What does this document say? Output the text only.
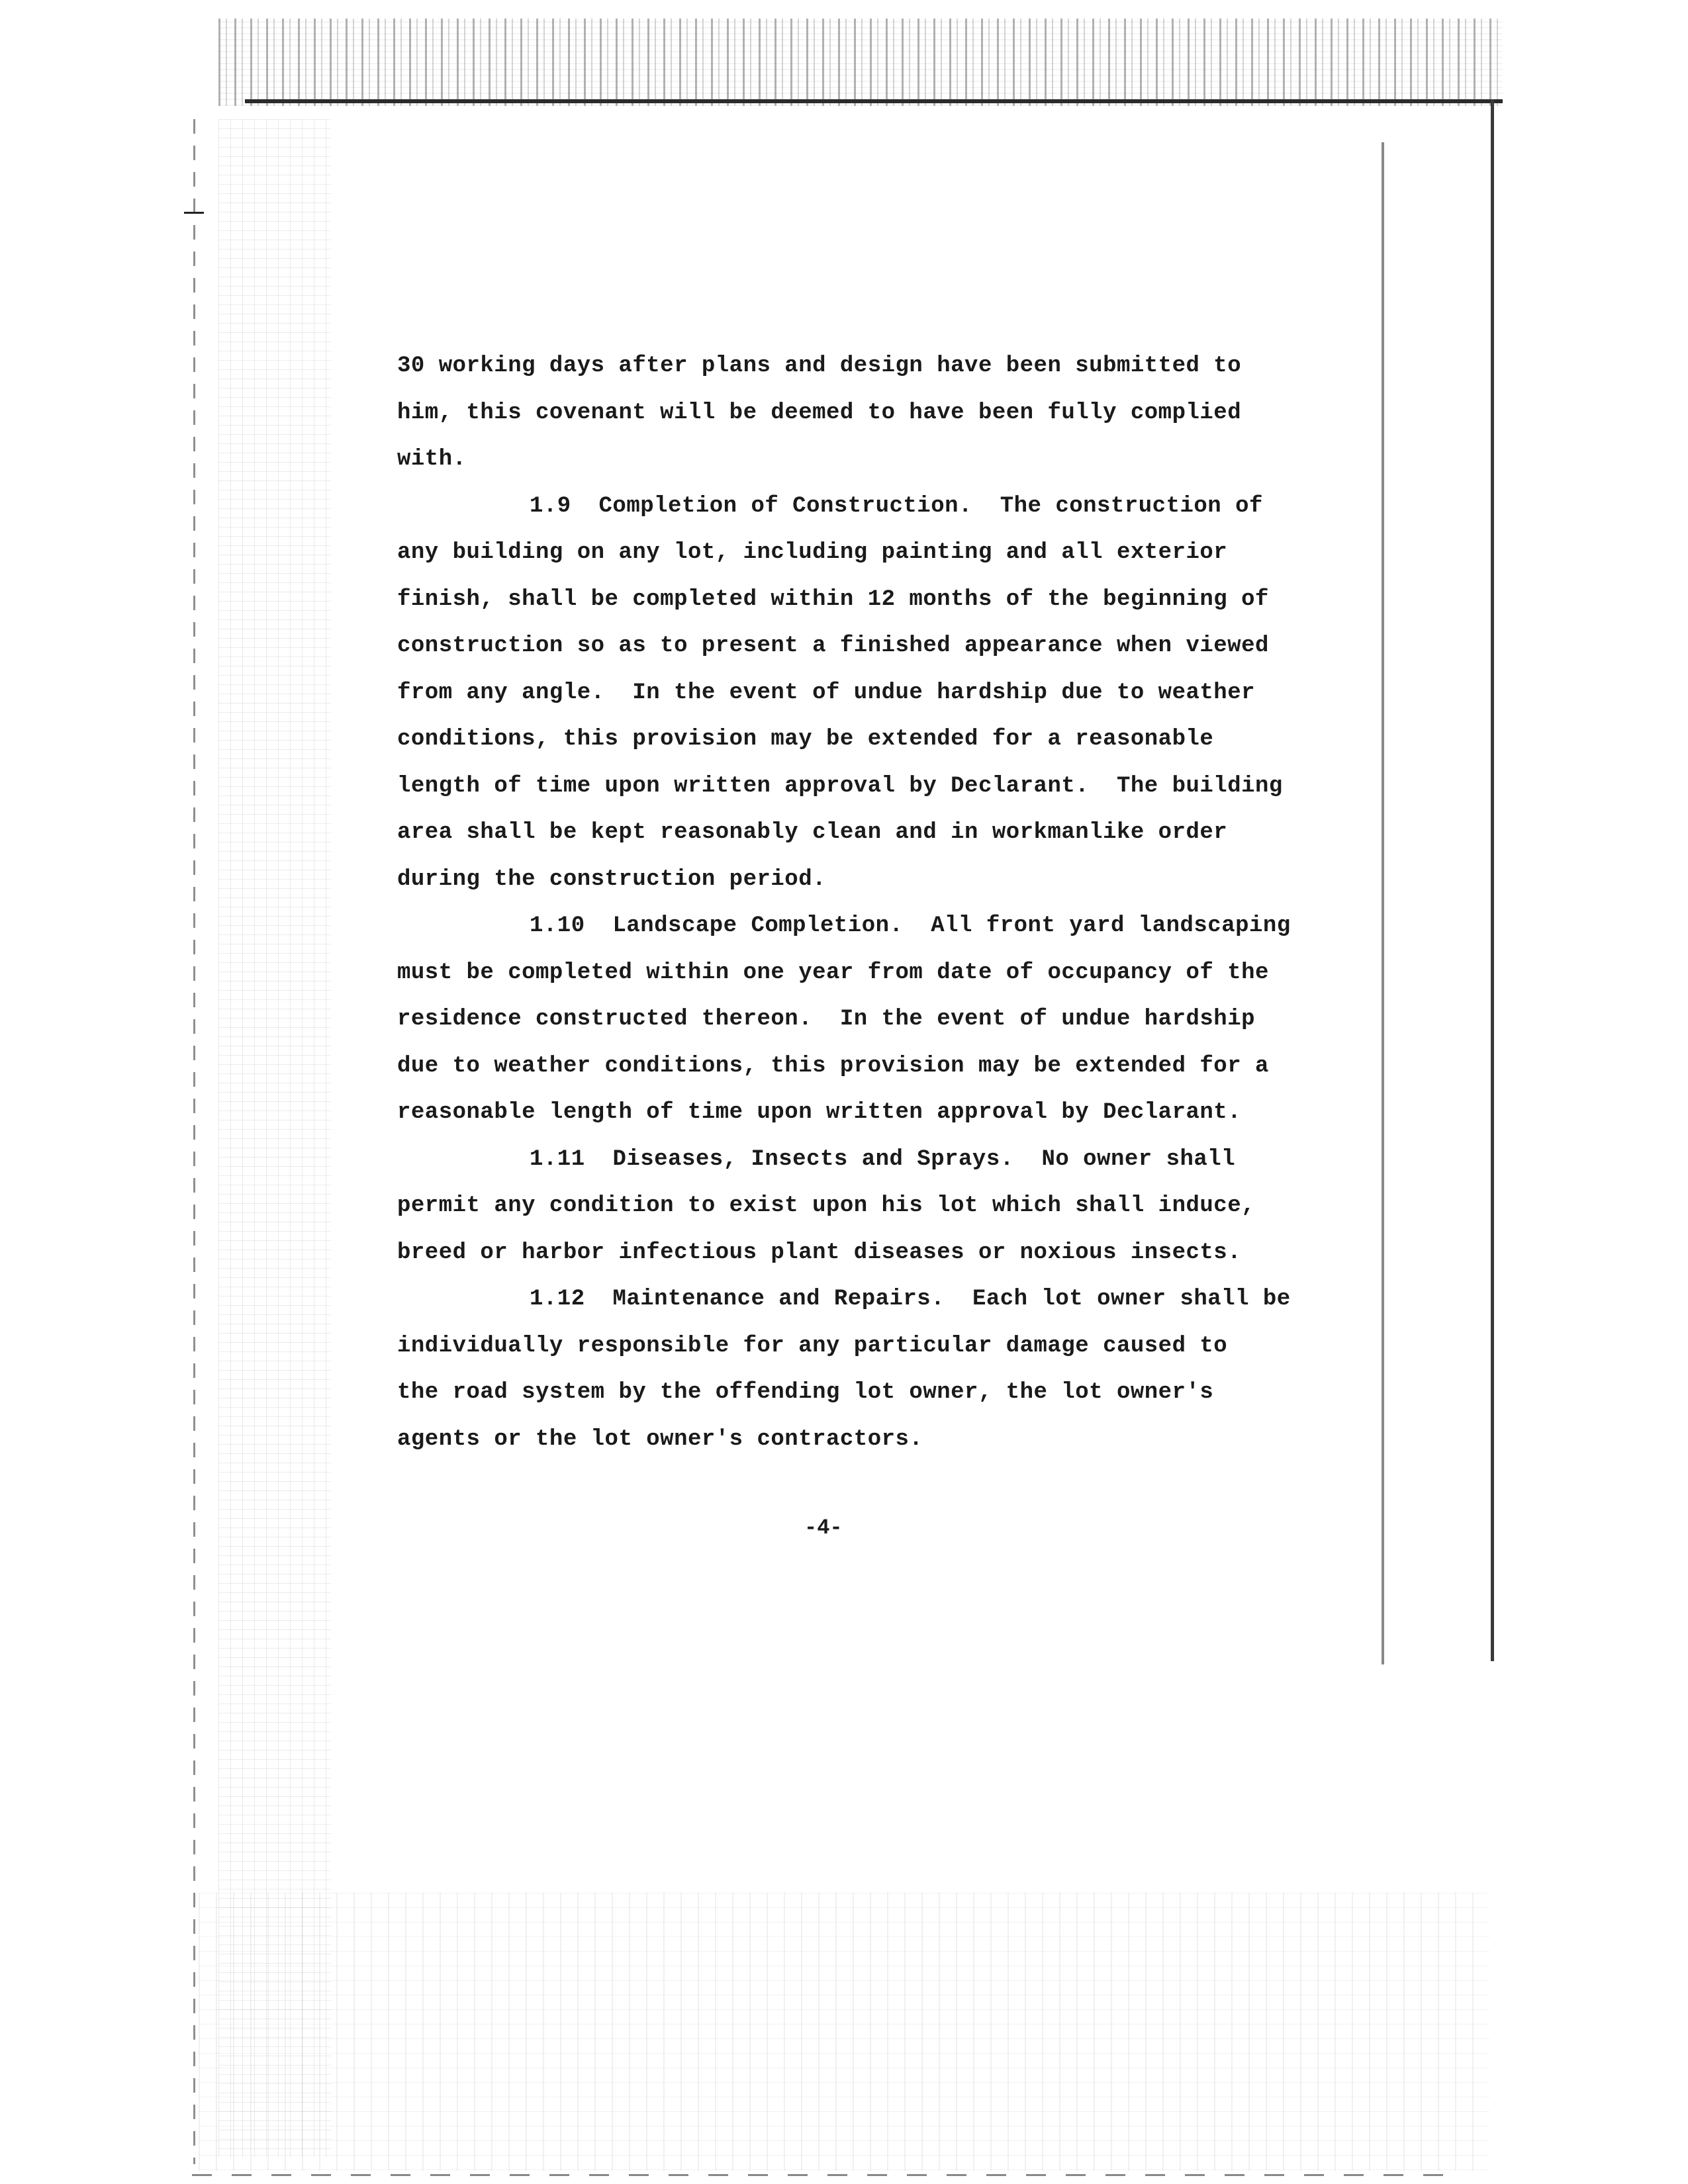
30 working days after plans and design have been submitted to
him, this covenant will be deemed to have been fully complied
with.
1.9 Completion of Construction. The construction of
any building on any lot, including painting and all exterior
finish, shall be completed within 12 months of the beginning of
construction so as to present a finished appearance when viewed
from any angle.  In the event of undue hardship due to weather
conditions, this provision may be extended for a reasonable
length of time upon written approval by Declarant.  The building
area shall be kept reasonably clean and in workmanlike order
during the construction period.
1.10 Landscape Completion. All front yard landscaping
must be completed within one year from date of occupancy of the
residence constructed thereon.  In the event of undue hardship
due to weather conditions, this provision may be extended for a
reasonable length of time upon written approval by Declarant.
1.11 Diseases, Insects and Sprays. No owner shall
permit any condition to exist upon his lot which shall induce,
breed or harbor infectious plant diseases or noxious insects.
1.12 Maintenance and Repairs. Each lot owner shall be
individually responsible for any particular damage caused to
the road system by the offending lot owner, the lot owner's
agents or the lot owner's contractors.
-4-
